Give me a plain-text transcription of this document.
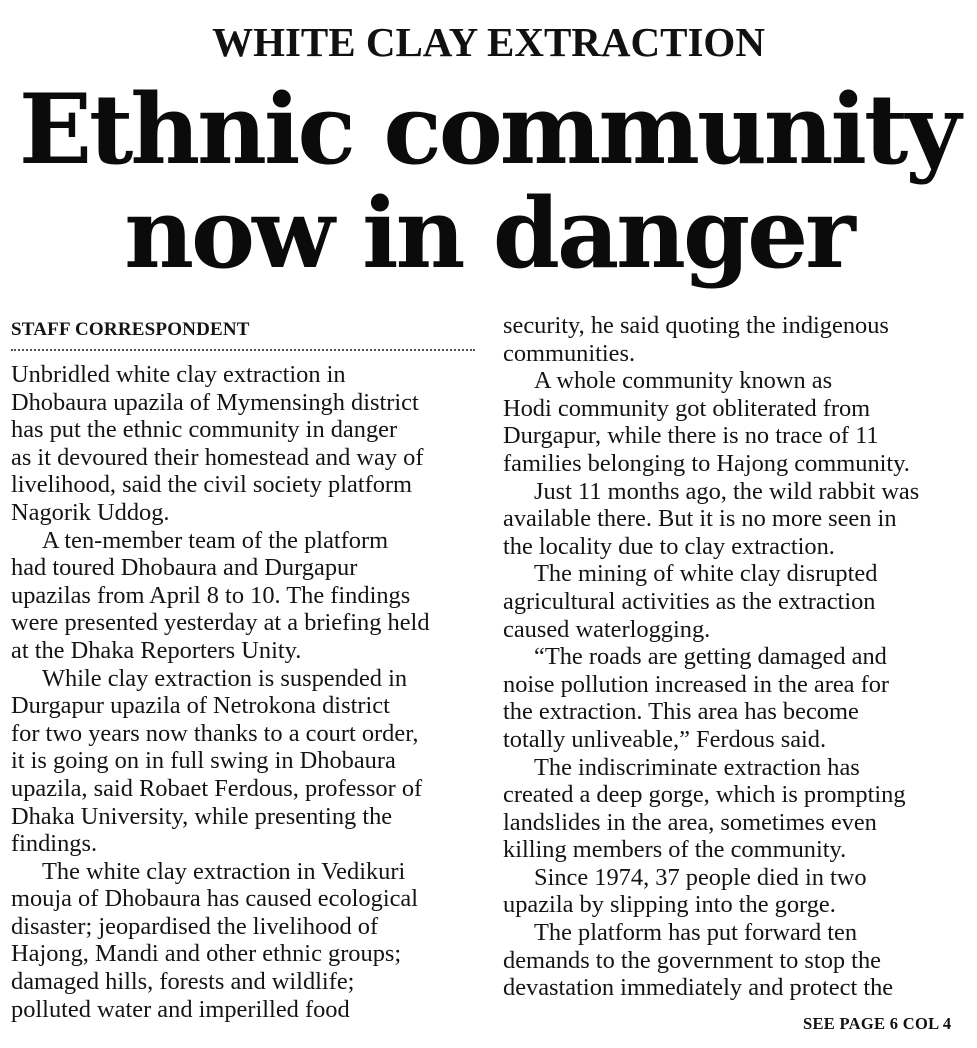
WHITE CLAY EXTRACTION
Ethnic community
now in danger
STAFF CORRESPONDENT
Unbridled white clay extraction in
Dhobaura upazila of Mymensingh district
has put the ethnic community in danger
as it devoured their homestead and way of
livelihood, said the civil society platform
Nagorik Uddog.
A ten-member team of the platform
had toured Dhobaura and Durgapur
upazilas from April 8 to 10. The findings
were presented yesterday at a briefing held
at the Dhaka Reporters Unity.
While clay extraction is suspended in
Durgapur upazila of Netrokona district
for two years now thanks to a court order,
it is going on in full swing in Dhobaura
upazila, said Robaet Ferdous, professor of
Dhaka University, while presenting the
findings.
The white clay extraction in Vedikuri
mouja of Dhobaura has caused ecological
disaster; jeopardised the livelihood of
Hajong, Mandi and other ethnic groups;
damaged hills, forests and wildlife;
polluted water and imperilled food
security, he said quoting the indigenous
communities.
A whole community known as
Hodi community got obliterated from
Durgapur, while there is no trace of 11
families belonging to Hajong community.
Just 11 months ago, the wild rabbit was
available there. But it is no more seen in
the locality due to clay extraction.
The mining of white clay disrupted
agricultural activities as the extraction
caused waterlogging.
“The roads are getting damaged and
noise pollution increased in the area for
the extraction. This area has become
totally unliveable,” Ferdous said.
The indiscriminate extraction has
created a deep gorge, which is prompting
landslides in the area, sometimes even
killing members of the community.
Since 1974, 37 people died in two
upazila by slipping into the gorge.
The platform has put forward ten
demands to the government to stop the
devastation immediately and protect the
SEE PAGE 6 COL 4
